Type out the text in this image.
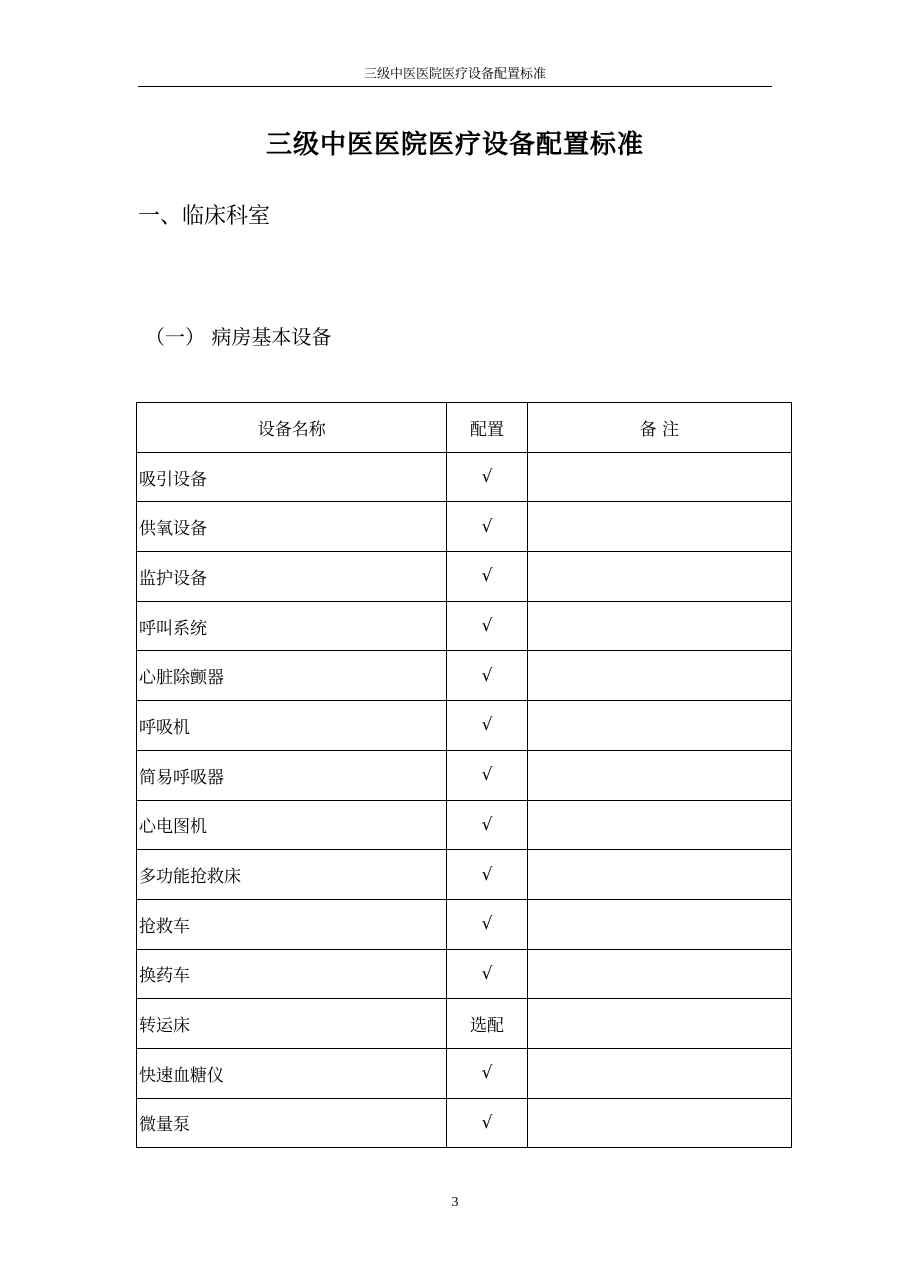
三级中医医院医疗设备配置标准
三级中医医院医疗设备配置标准
一、临床科室
（一） 病房基本设备
设备名称	配置	备 注
吸引设备	√	
供氧设备	√	
监护设备	√	
呼叫系统	√	
心脏除颤器	√	
呼吸机	√	
简易呼吸器	√	
心电图机	√	
多功能抢救床	√	
抢救车	√	
换药车	√	
转运床	选配	
快速血糖仪	√	
微量泵	√	
3
